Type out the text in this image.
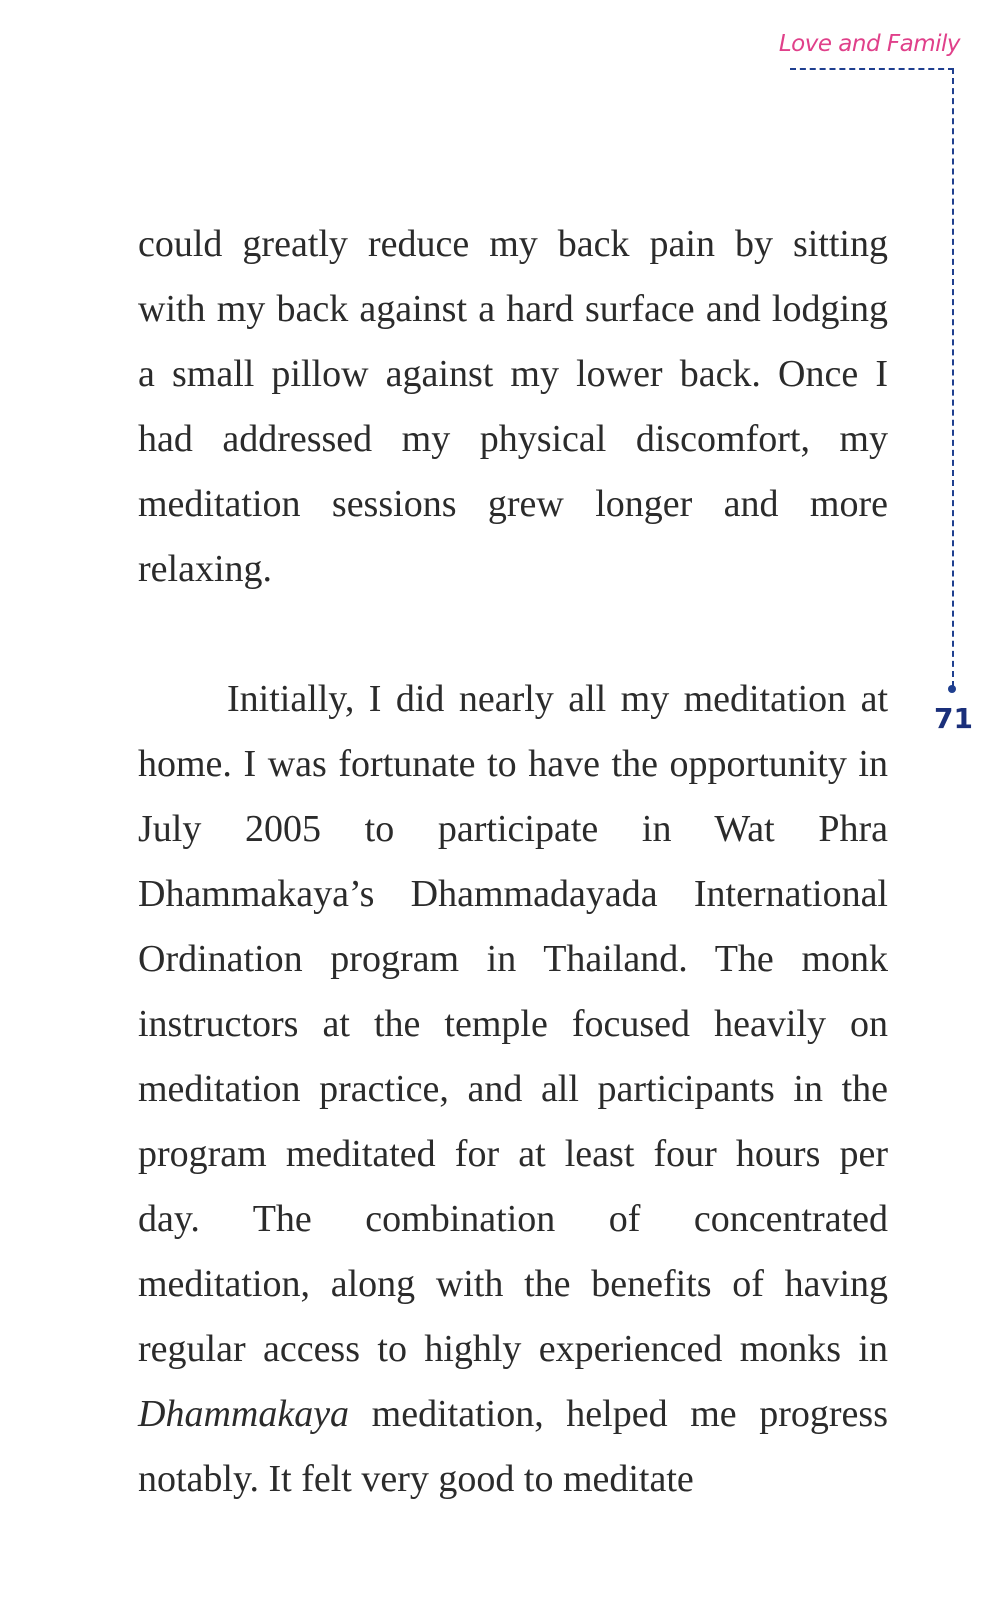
Love and Family
71

could greatly reduce my back pain by sitting with my back against a hard surface and lodging a small pillow against my lower back. Once I had addressed my physical discomfort, my meditation sessions grew longer and more relaxing.

Initially, I did nearly all my meditation at home. I was fortunate to have the opportunity in July 2005 to participate in Wat Phra Dhammakaya’s Dhammadayada International Ordination program in Thailand. The monk instructors at the temple focused heavily on meditation practice, and all participants in the program meditated for at least four hours per day. The combination of concentrated meditation, along with the benefits of having regular access to highly experienced monks in Dhammakaya meditation, helped me progress notably. It felt very good to meditate
